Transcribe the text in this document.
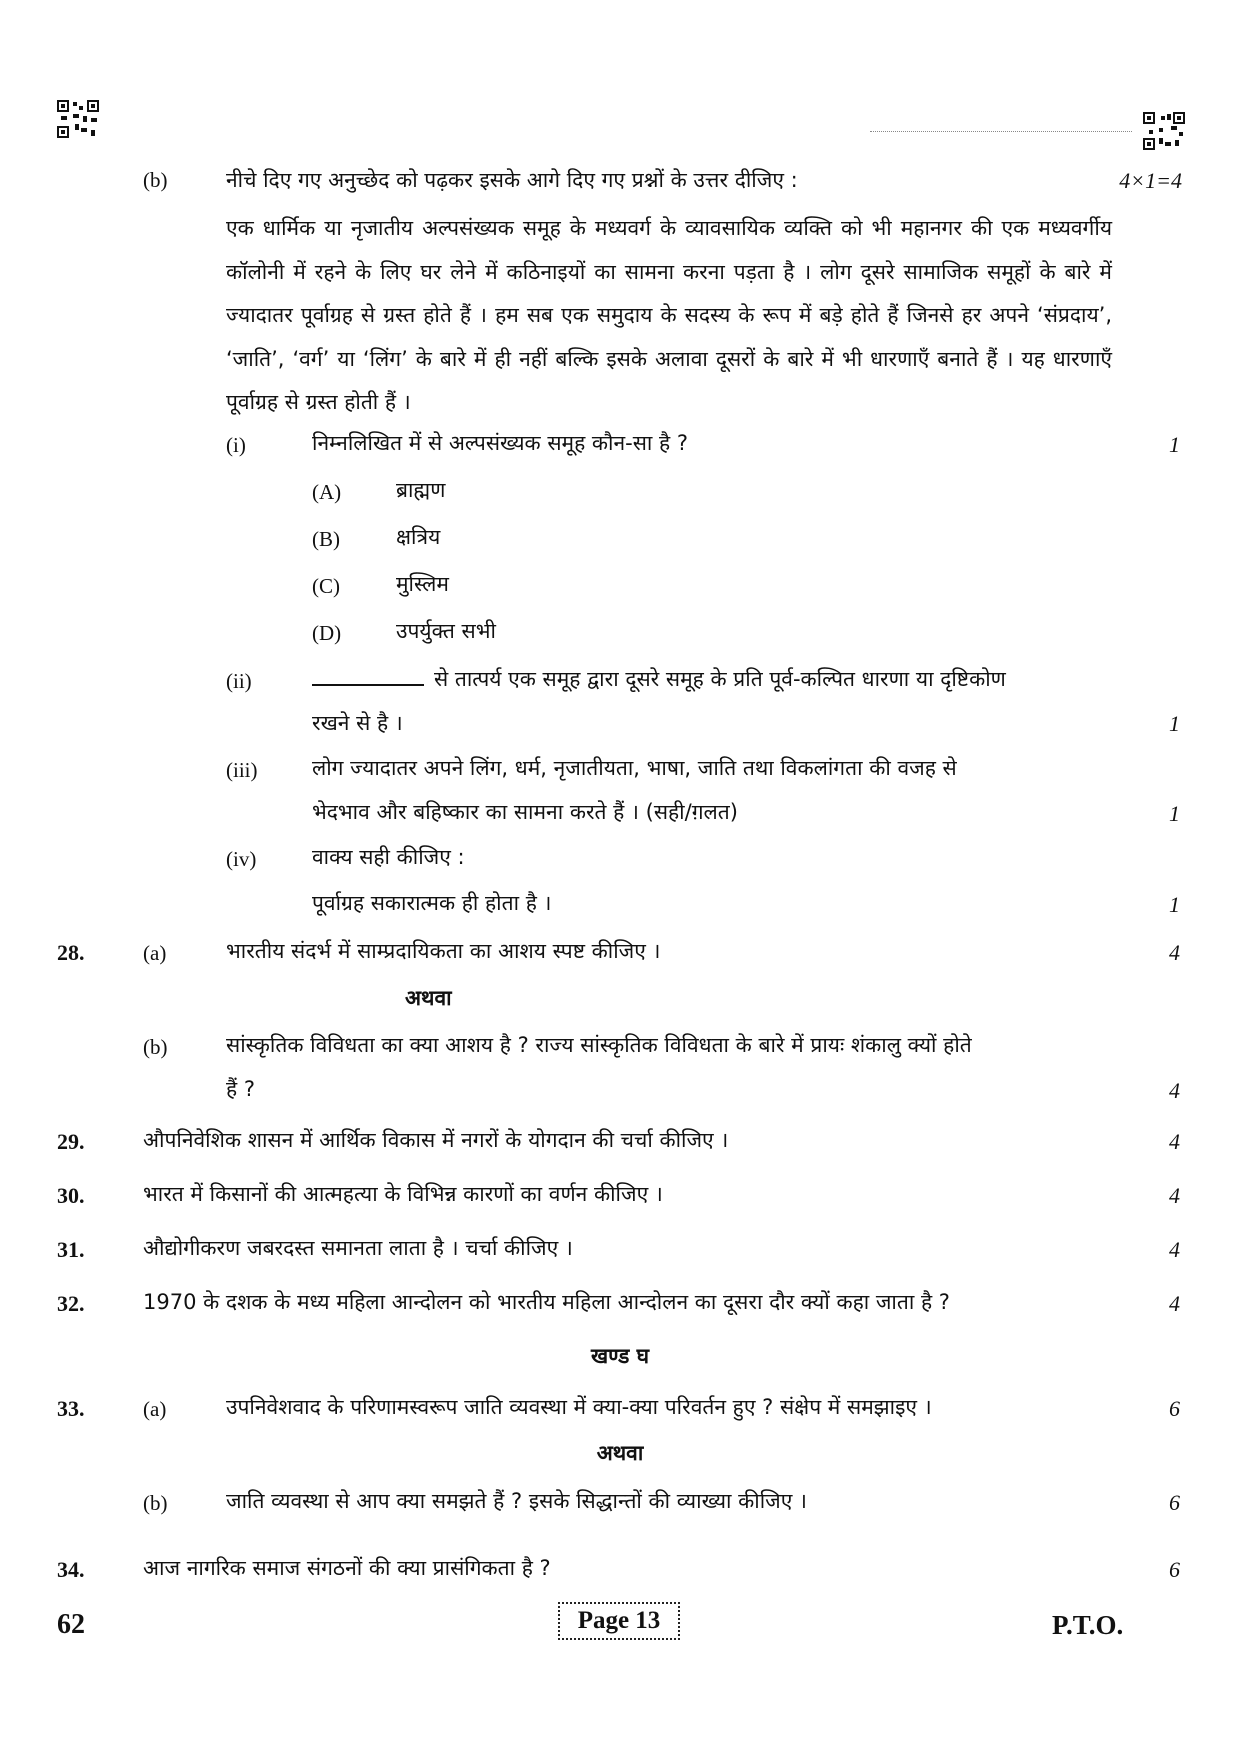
(b)	नीचे दिए गए अनुच्छेद को पढ़कर इसके आगे दिए गए प्रश्नों के उत्तर दीजिए :	4×1=4
एक धार्मिक या नृजातीय अल्पसंख्यक समूह के मध्यवर्ग के व्यावसायिक व्यक्ति को भी महानगर की एक मध्यवर्गीय कॉलोनी में रहने के लिए घर लेने में कठिनाइयों का सामना करना पड़ता है । लोग दूसरे सामाजिक समूहों के बारे में ज्यादातर पूर्वाग्रह से ग्रस्त होते हैं । हम सब एक समुदाय के सदस्य के रूप में बड़े होते हैं जिनसे हर अपने ‘संप्रदाय’, ‘जाति’, ‘वर्ग’ या ‘लिंग’ के बारे में ही नहीं बल्कि इसके अलावा दूसरों के बारे में भी धारणाएँ बनाते हैं । यह धारणाएँ पूर्वाग्रह से ग्रस्त होती हैं ।
(i)	निम्नलिखित में से अल्पसंख्यक समूह कौन-सा है ?	1
(A)	ब्राह्मण
(B)	क्षत्रिय
(C)	मुस्लिम
(D)	उपर्युक्त सभी
(ii)	से तात्पर्य एक समूह द्वारा दूसरे समूह के प्रति पूर्व-कल्पित धारणा या दृष्टिकोण
रखने से है ।	1
(iii)	लोग ज्यादातर अपने लिंग, धर्म, नृजातीयता, भाषा, जाति तथा विकलांगता की वजह से
भेदभाव और बहिष्कार का सामना करते हैं । (सही/ग़लत)	1
(iv)	वाक्य सही कीजिए :
पूर्वाग्रह सकारात्मक ही होता है ।	1
28.	(a)	भारतीय संदर्भ में साम्प्रदायिकता का आशय स्पष्ट कीजिए ।	4
अथवा
(b)	सांस्कृतिक विविधता का क्या आशय है ? राज्य सांस्कृतिक विविधता के बारे में प्रायः शंकालु क्यों होते
हैं ?	4
29.	औपनिवेशिक शासन में आर्थिक विकास में नगरों के योगदान की चर्चा कीजिए ।	4
30.	भारत में किसानों की आत्महत्या के विभिन्न कारणों का वर्णन कीजिए ।	4
31.	औद्योगीकरण जबरदस्त समानता लाता है । चर्चा कीजिए ।	4
32.	1970 के दशक के मध्य महिला आन्दोलन को भारतीय महिला आन्दोलन का दूसरा दौर क्यों कहा जाता है ?	4
खण्ड घ
33.	(a)	उपनिवेशवाद के परिणामस्वरूप जाति व्यवस्था में क्या-क्या परिवर्तन हुए ? संक्षेप में समझाइए ।	6
अथवा
(b)	जाति व्यवस्था से आप क्या समझते हैं ? इसके सिद्धान्तों की व्याख्या कीजिए ।	6
34.	आज नागरिक समाज संगठनों की क्या प्रासंगिकता है ?	6
62	Page 13	P.T.O.
